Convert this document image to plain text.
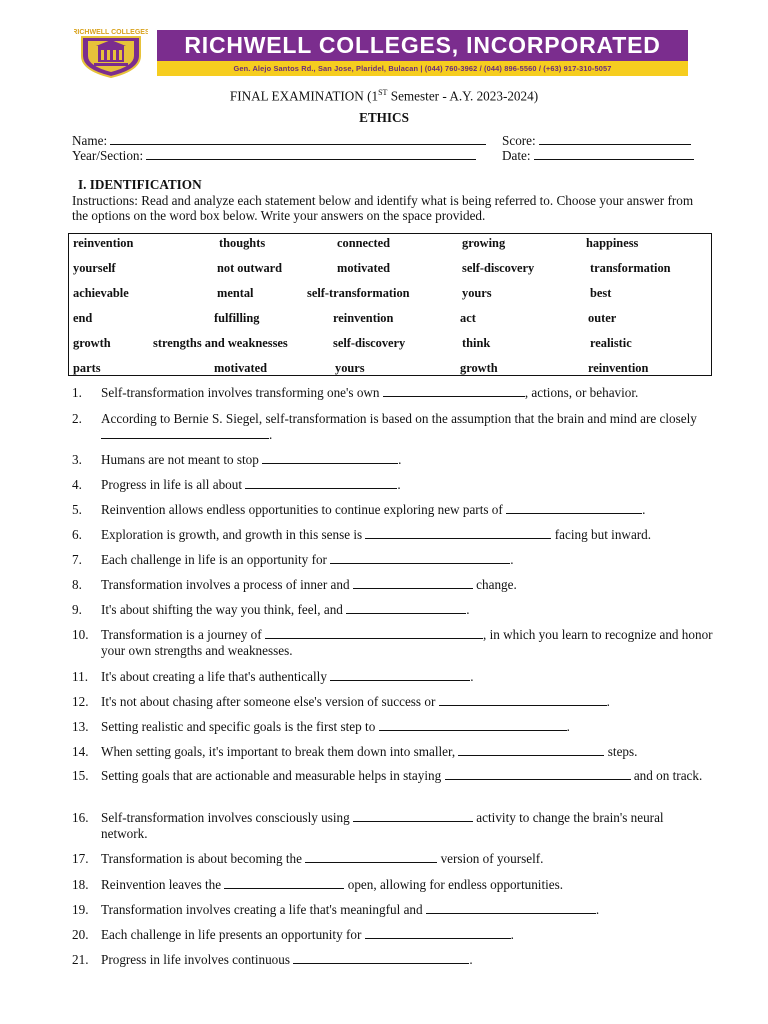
RICHWELL COLLEGES RICHWELL COLLEGES, INCORPORATED
Gen. Alejo Santos Rd., San Jose, Plaridel, Bulacan | (044) 760-3962 / (044) 896-5560 / (+63) 917-310-5057
FINAL EXAMINATION (1ST Semester - A.Y. 2023-2024)
ETHICS
Name:	Score:
Year/Section:	Date:
I. IDENTIFICATION
Instructions: Read and analyze each statement below and identify what is being referred to. Choose your answer from the options on the word box below. Write your answers on the space provided.
reinvention	thoughts	connected	growing	happiness
yourself	not outward	motivated	self-discovery	transformation
achievable	mental	self-transformation	yours	best
end	fulfilling	reinvention	act	outer
growth	strengths and weaknesses	self-discovery	think	realistic
parts	motivated	yours	growth	reinvention
1. Self-transformation involves transforming one's own	, actions, or behavior.
2. According to Bernie S. Siegel, self-transformation is based on the assumption that the brain and mind are closely .
3. Humans are not meant to stop	.
4. Progress in life is all about	.
5. Reinvention allows endless opportunities to continue exploring new parts of	.
6. Exploration is growth, and growth in this sense is	facing but inward.
7. Each challenge in life is an opportunity for	.
8. Transformation involves a process of inner and	change.
9. It's about shifting the way you think, feel, and	.
10. Transformation is a journey of	, in which you learn to recognize and honor your own strengths and weaknesses.
11. It's about creating a life that's authentically	.
12. It's not about chasing after someone else's version of success or	.
13. Setting realistic and specific goals is the first step to	.
14. When setting goals, it's important to break them down into smaller,	steps.
15. Setting goals that are actionable and measurable helps in staying	and on track.
16. Self-transformation involves consciously using	activity to change the brain's neural network.
17. Transformation is about becoming the	version of yourself.
18. Reinvention leaves the	open, allowing for endless opportunities.
19. Transformation involves creating a life that's meaningful and	.
20. Each challenge in life presents an opportunity for	.
21. Progress in life involves continuous	.
